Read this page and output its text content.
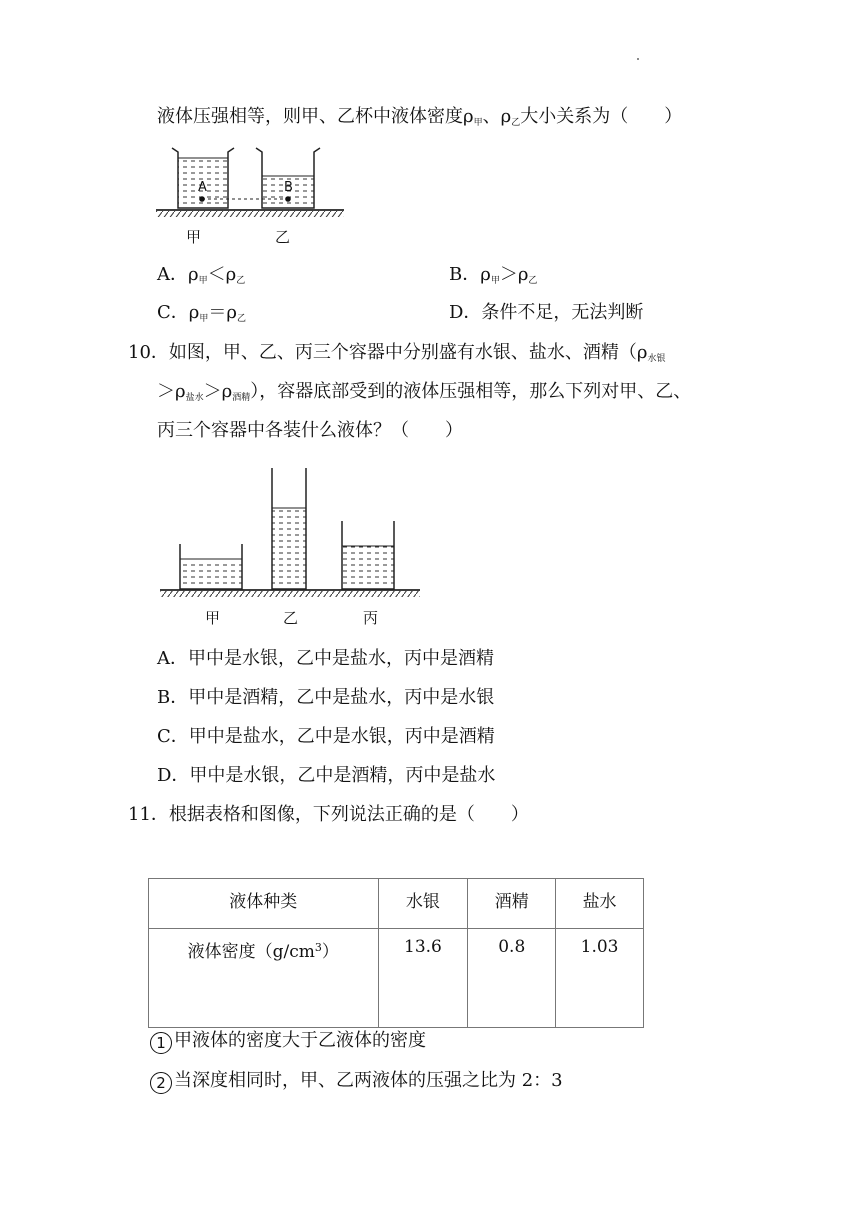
液体压强相等，则甲、乙杯中液体密度$\rho_甲$、$\rho_乙$大小关系为（　　）
A	B
甲	乙
A．$\rho_甲<\rho_乙$	B．$\rho_甲>\rho_乙$
C．$\rho_甲=\rho_乙$	D．条件不足，无法判断
10．如图，甲、乙、丙三个容器中分别盛有水银、盐水、酒精（$\rho_{水银}$
$>\rho_{盐水}>\rho_{酒精}$），容器底部受到的液体压强相等，那么下列对甲、乙、
丙三个容器中各装什么液体？（　　）
甲	乙	丙
A．甲中是水银，乙中是盐水，丙中是酒精
B．甲中是酒精，乙中是盐水，丙中是水银
C．甲中是盐水，乙中是水银，丙中是酒精
D．甲中是水银，乙中是酒精，丙中是盐水
11．根据表格和图像，下列说法正确的是（　　）
液体种类	水银	酒精	盐水
液体密度$(g/cm^3)$	13.6	0.8	1.03
1 甲液体的密度大于乙液体的密度
2 当深度相同时，甲、乙两液体的压强之比为 2：3
